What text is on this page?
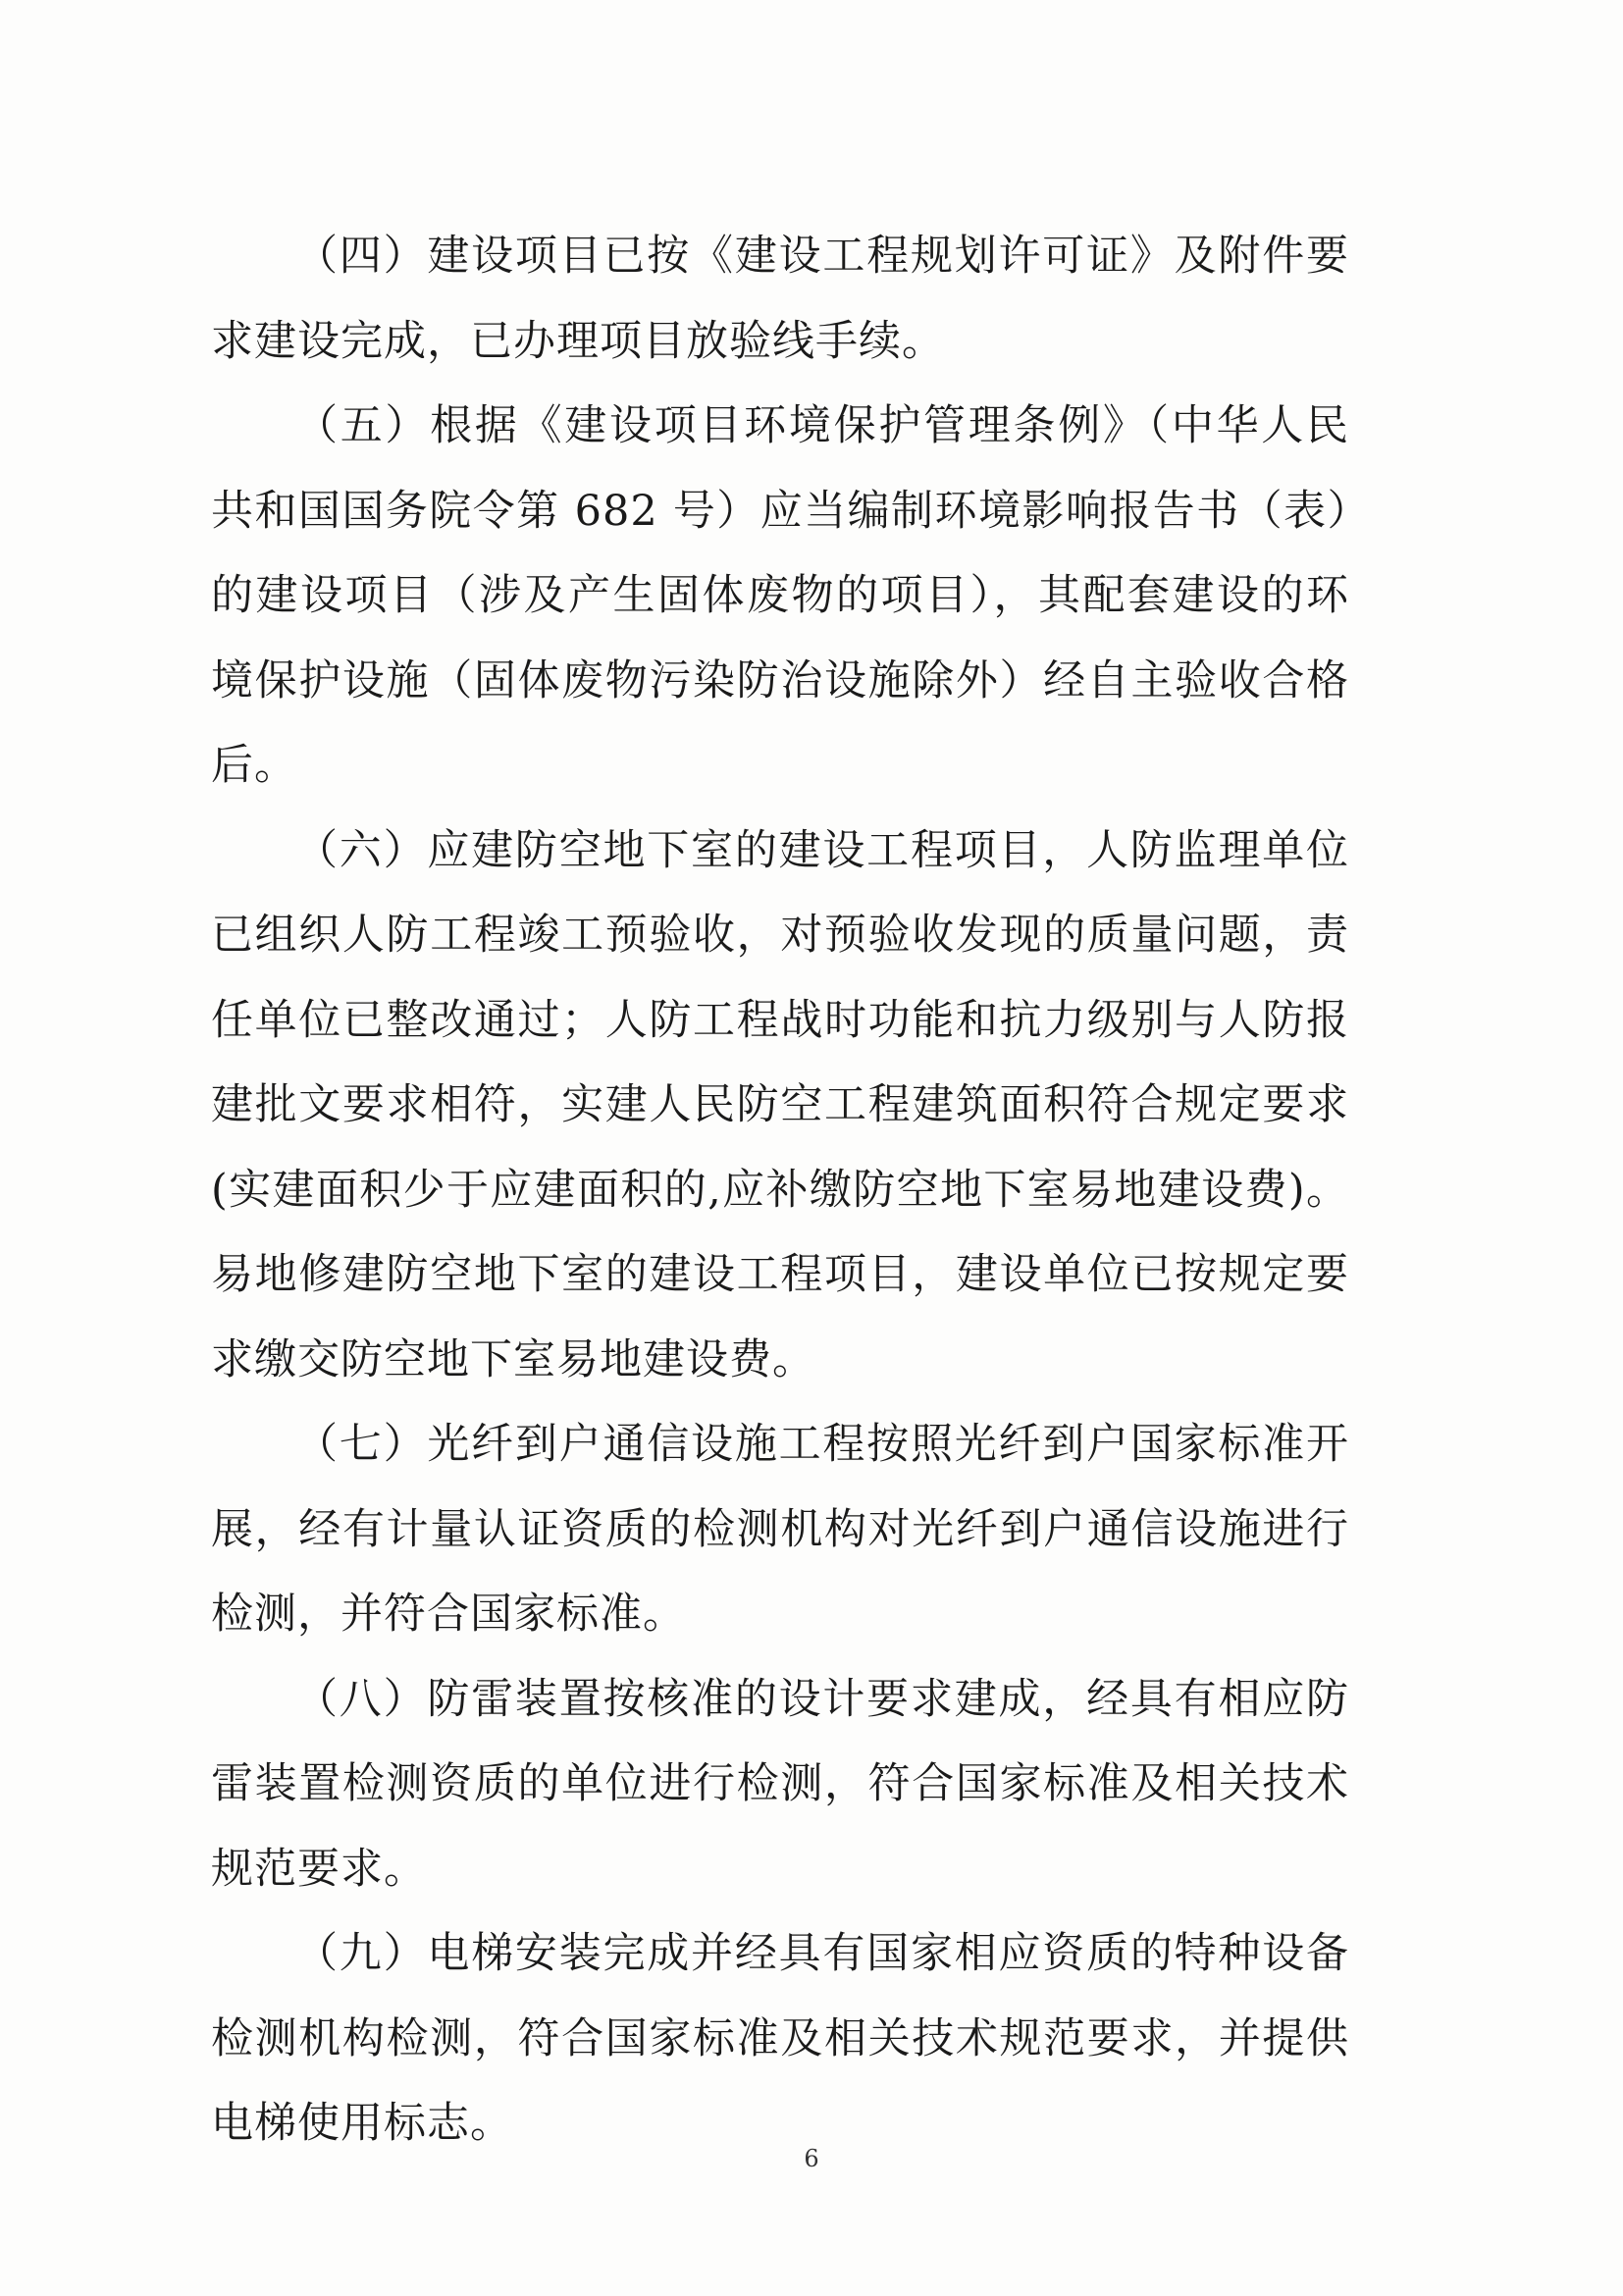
（四）建设项目已按《建设工程规划许可证》及附件要求建设完成，已办理项目放验线手续。

（五）根据《建设项目环境保护管理条例》（中华人民共和国国务院令第 682 号）应当编制环境影响报告书（表）的建设项目（涉及产生固体废物的项目），其配套建设的环境保护设施（固体废物污染防治设施除外）经自主验收合格后。

（六）应建防空地下室的建设工程项目，人防监理单位已组织人防工程竣工预验收，对预验收发现的质量问题，责任单位已整改通过；人防工程战时功能和抗力级别与人防报建批文要求相符，实建人民防空工程建筑面积符合规定要求(实建面积少于应建面积的,应补缴防空地下室易地建设费)。易地修建防空地下室的建设工程项目，建设单位已按规定要求缴交防空地下室易地建设费。

（七）光纤到户通信设施工程按照光纤到户国家标准开展，经有计量认证资质的检测机构对光纤到户通信设施进行检测，并符合国家标准。

（八）防雷装置按核准的设计要求建成，经具有相应防雷装置检测资质的单位进行检测，符合国家标准及相关技术规范要求。

（九）电梯安装完成并经具有国家相应资质的特种设备检测机构检测，符合国家标准及相关技术规范要求，并提供电梯使用标志。

6
